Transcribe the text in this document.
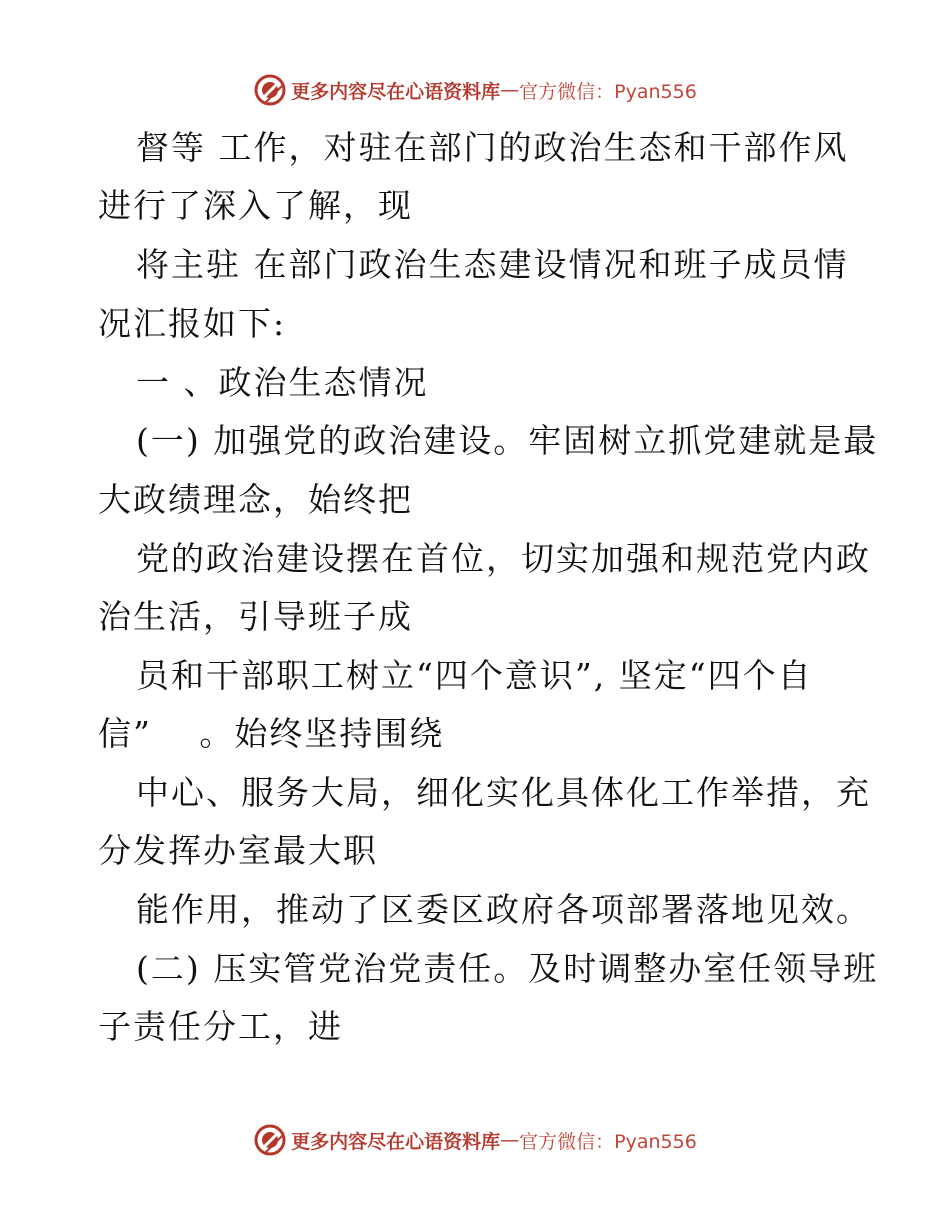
更多内容尽在心语资料库 — 官方微信：Pyan556
督等 工作，对驻在部门的政治生态和干部作风
进行了深入了解，现
将主驻 在部门政治生态建设情况和班子成员情
况汇报如下:
一 、政治生态情况
(一) 加强党的政治建设。牢固树立抓党建就是最
大政绩理念，始终把
党的政治建设摆在首位，切实加强和规范党内政
治生活，引导班子成
员和干部职工树立“四个意识”, 坚定“四个自
信”　 。始终坚持围绕
中心、服务大局，细化实化具体化工作举措，充
分发挥办室最大职
能作用，推动了区委区政府各项部署落地见效。
(二) 压实管党治党责任。及时调整办室任领导班
子责任分工，进
更多内容尽在心语资料库 — 官方微信：Pyan556
